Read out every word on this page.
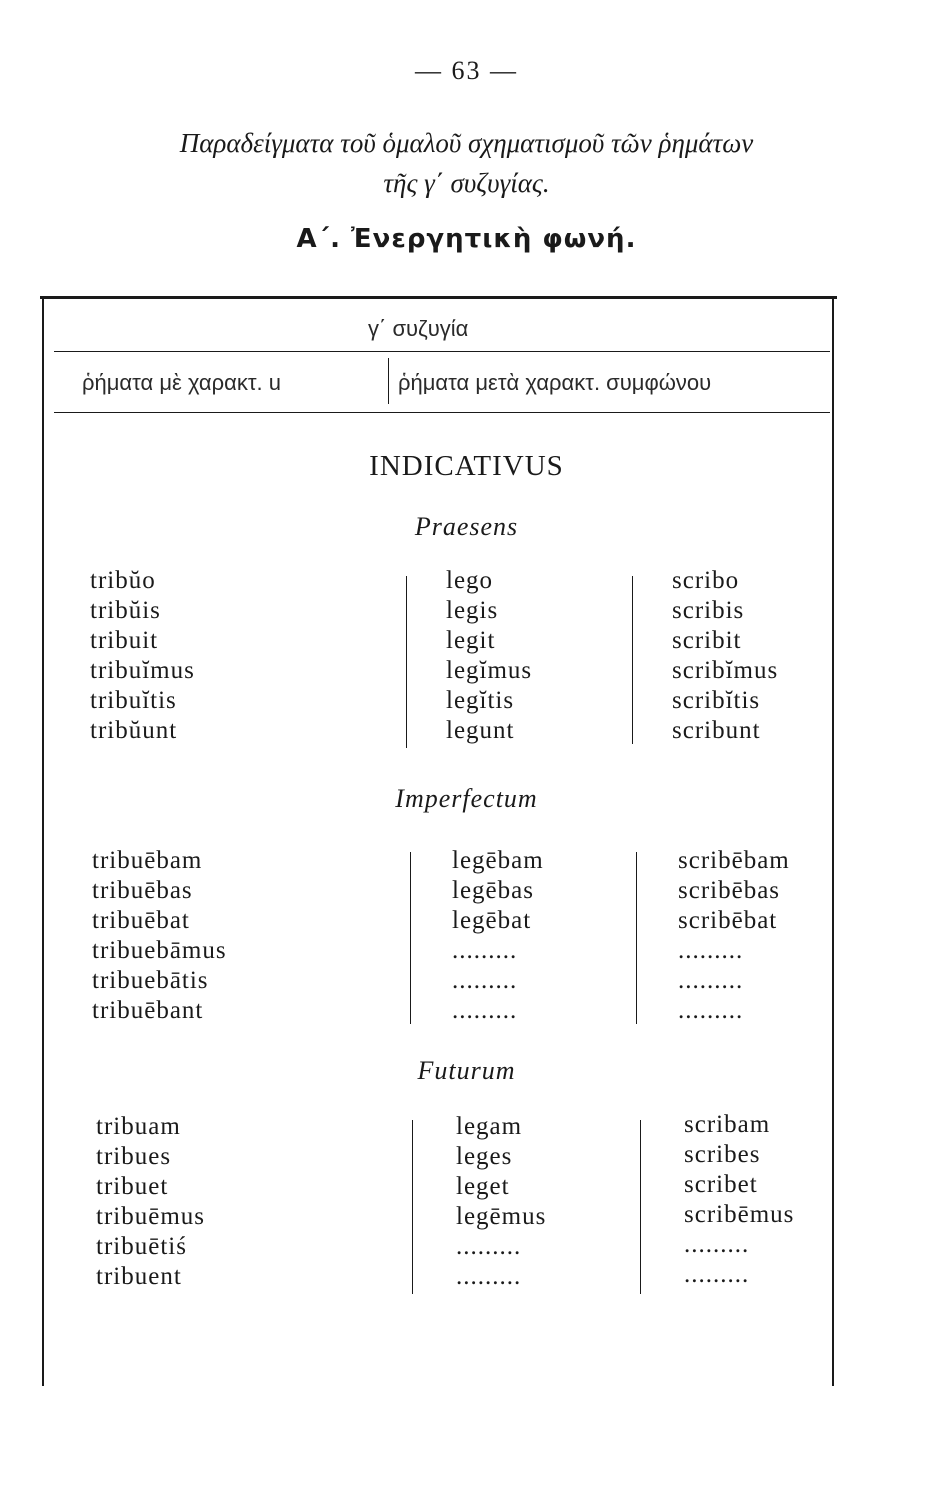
— 63 —
Παραδείγματα τοῦ ὁμαλοῦ σχηματισμοῦ τῶν ῥημάτων
τῆς γ΄ συζυγίας.
A΄. Ἐνεργητικὴ φωνή.
γ΄ συζυγία
ῥήματα μὲ χαρακτ. u	ῥήματα μετὰ χαρακτ. συμφώνου
INDICATIVUS
Praesens
tribŭo
tribŭis
tribuit
tribuĭmus
tribuĭtis
tribŭunt
lego
legis
legit
legĭmus
legĭtis
legunt
scribo
scribis
scribit
scribĭmus
scribĭtis
scribunt
Imperfectum
tribuēbam
tribuēbas
tribuēbat
tribuebāmus
tribuebātis
tribuēbant
legēbam
legēbas
legēbat
.........
.........
.........
scribēbam
scribēbas
scribēbat
.........
.........
.........
Futurum
tribuam
tribues
tribuet
tribuēmus
tribuētiś
tribuent
legam
leges
leget
legēmus
.........
.........
scribam
scribes
scribet
scribēmus
.........
.........
